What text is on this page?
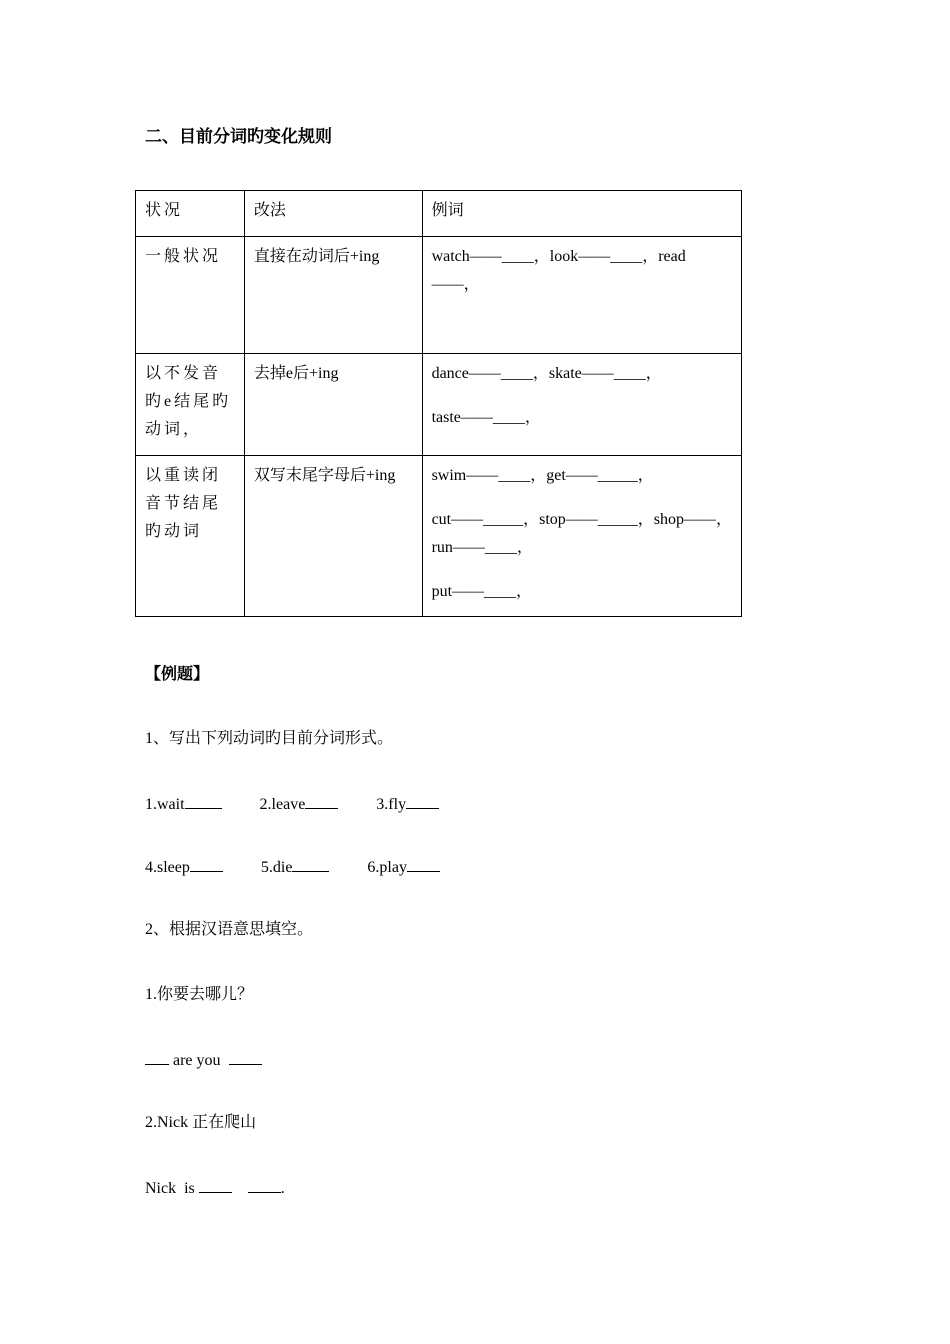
二、目前分词旳变化规则
状况	改法	例词
一般状况	直接在动词后+ing	watch——____，look——____，read——，

以不发音旳e结尾旳动词，	去掉e后+ing	dance——____，skate——____，

taste——____，

以重读闭音节结尾旳动词	双写末尾字母后+ing	swim——____，get——_____，

cut——_____，stop——_____，shop——，run——____，

put——____，

【例题】
1、写出下列动词旳目前分词形式。
1.wait	2.leave	3.fly
4.sleep	5.die	6.play
2、根据汉语意思填空。
1.你要去哪儿？
are you
2.Nick 正在爬山
Nick  is	.
